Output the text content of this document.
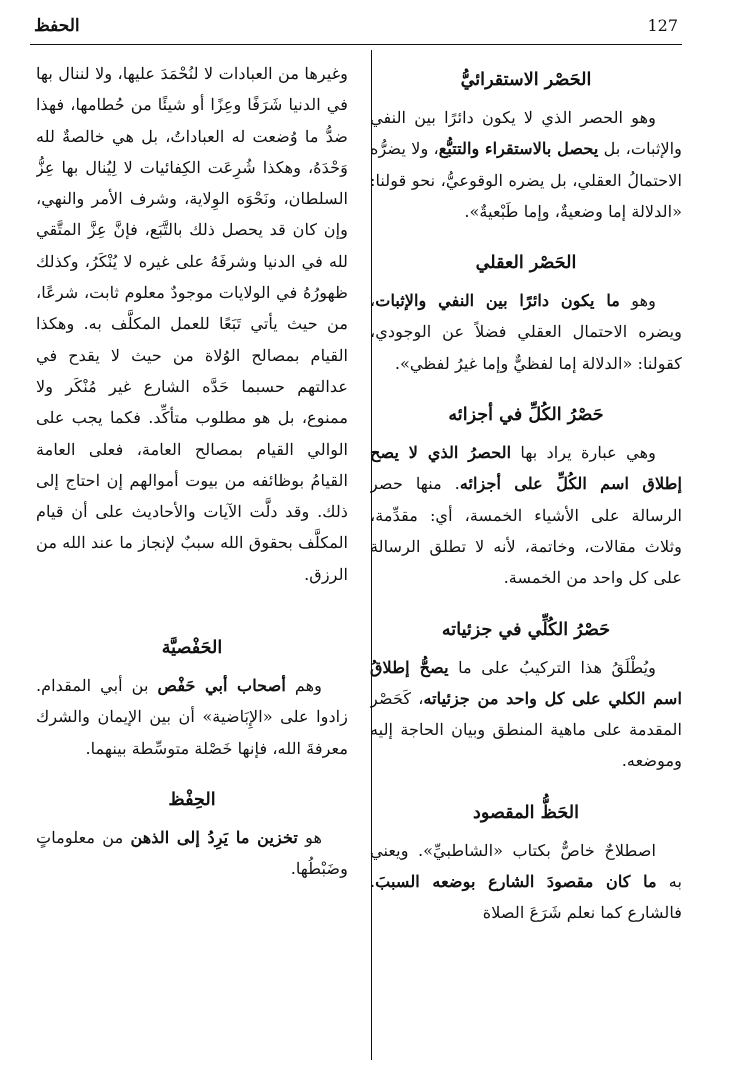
الحفظ	127
الحَصْر الاستقرائيُّ

وهو الحصر الذي لا يكون دائرًا بين النفي والإثبات، بل يحصل بالاستقراء والتتبُّع، ولا يضرُّه الاحتمالُ العقلي، بل يضره الوقوعيُّ، نحو قولنا: «الدلالة إما وضعيةٌ، وإما طَبْعيةٌ».

الحَصْر العقلي

وهو ما يكون دائرًا بين النفي والإثبات، ويضره الاحتمال العقلي فضلاً عن الوجودي، كقولنا: «الدلالة إما لفظيٌّ وإما غيرُ لفظي».

حَصْرُ الكُلِّ في أجزائه

وهي عبارة يراد بها الحصرُ الذي لا يصح إطلاق اسم الكُلِّ على أجزائه. منها حصر الرسالة على الأشياء الخمسة، أي: مقدِّمة، وثلاث مقالات، وخاتمة، لأنه لا تطلق الرسالة على كل واحد من الخمسة.

حَصْرُ الكُلِّي في جزئياته

ويُطْلَقُ هذا التركيبُ على ما يصحُّ إطلاقُ اسم الكلي على كل واحد من جزئياته، كَحَصْر المقدمة على ماهية المنطق وبيان الحاجة إليه وموضعه.

الحَظُّ المقصود

اصطلاحٌ خاصٌّ بكتاب «الشاطبيِّ». ويعني به ما كان مقصودَ الشارع بوضعه السببَ. فالشارع كما نعلم شَرَعَ الصلاة

وغيرها من العبادات لا لنُحْمَدَ عليها، ولا لننال بها في الدنيا شَرَفًا وعِزًا أو شيئًا من حُطامها، فهذا ضدُّ ما وُضعت له العباداتُ، بل هي خالصةٌ لله وَحْدَهُ، وهكذا شُرِعَت الكِفائيات لا لِيُنال بها عِزُّ السلطان، ونَحْوَه الوِلاية، وشرف الأمر والنهي، وإن كان قد يحصل ذلك بالتَّبَع، فإنَّ عِزَّ المتَّقي لله في الدنيا وشرفَهُ على غيره لا يُنْكَرُ، وكذلك ظهورُهُ في الولايات موجودٌ معلوم ثابت، شرعًا، من حيث يأتي تَبَعًا للعمل المكلَّف به. وهكذا القيام بمصالح الوُلاة من حيث لا يقدح في عدالتهم حسبما حَدَّه الشارع غير مُنْكَر ولا ممنوع، بل هو مطلوب متأكِّد. فكما يجب على الوالي القيام بمصالح العامة، فعلى العامة القيامُ بوظائفه من بيوت أموالهم إن احتاج إلى ذلك. وقد دلَّت الآيات والأحاديث على أن قيام المكلَّف بحقوق الله سببٌ لإنجاز ما عند الله من الرزق.

الحَفْصيَّة

وهم أصحاب أبي حَفْص بن أبي المقدام. زادوا على «الإِبَاضية» أن بين الإيمان والشرك معرفةَ الله، فإنها خَصْلة متوسِّطة بينهما.

الحِفْظ

هو تخزين ما يَرِدُ إلى الذهن من معلوماتٍ وضَبْطُها.
